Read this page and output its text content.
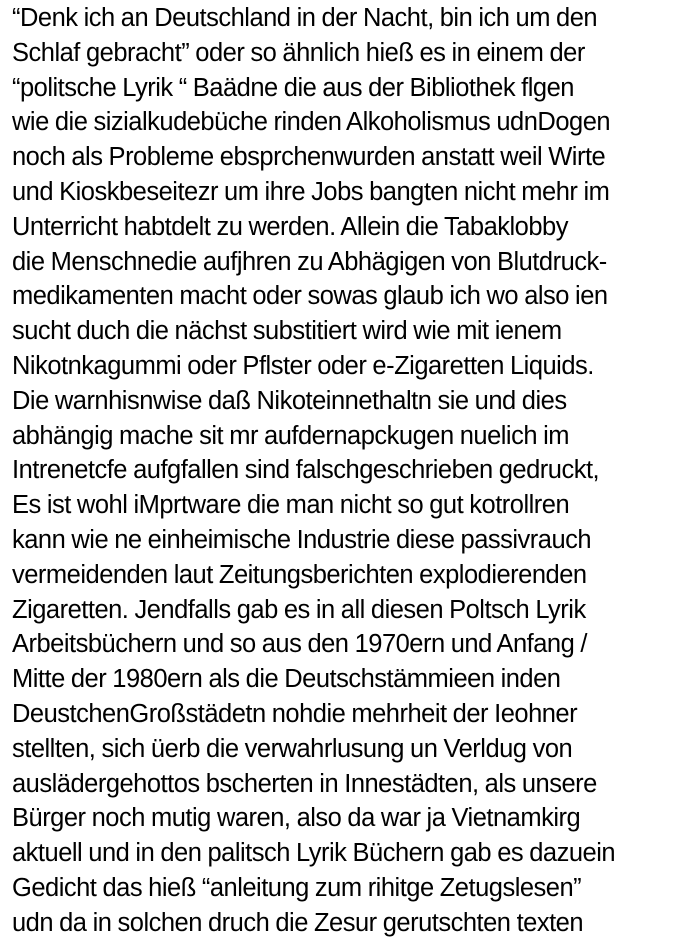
“Denk ich an Deutschland in der Nacht, bin ich um den
Schlaf gebracht” oder so ähnlich hieß es in einem der
“politsche Lyrik “ Baädne die aus der Bibliothek flgen
wie die sizialkudebüche rinden Alkoholismus udnDogen
noch als Probleme ebsprchenwurden anstatt weil Wirte
und Kioskbeseitezr um ihre Jobs bangten nicht mehr im
Unterricht habtdelt zu werden. Allein die Tabaklobby
die Menschnedie aufjhren zu Abhägigen von Blutdruck-
medikamenten macht oder sowas glaub ich wo also ien
sucht duch die nächst substitiert wird wie mit ienem
Nikotnkagummi oder Pflster oder e-Zigaretten Liquids.
Die warnhisnwise daß Nikoteinnethaltn sie und dies
abhängig mache sit mr aufdernapckugen nuelich im
Intrenetcfe aufgfallen sind falschgeschrieben gedruckt,
Es ist wohl iMprtware die man nicht so gut kotrollren
kann wie ne einheimische Industrie diese passivrauch
vermeidenden laut Zeitungsberichten explodierenden
Zigaretten. Jendfalls gab es in all diesen Poltsch Lyrik
Arbeitsbüchern und so aus den 1970ern und Anfang /
Mitte der 1980ern als die Deutschstämmieen inden
DeustchenGroßstädetn nohdie mehrheit der Ieohner
stellten, sich üerb die verwahrlusung un Verldug von
auslädergehottos bscherten in Innestädten, als unsere
Bürger noch mutig waren, also da war ja Vietnamkirg
aktuell und in den palitsch Lyrik Büchern gab es dazuein
Gedicht das hieß “anleitung zum rihitge Zetugslesen”
udn da in solchen druch die Zesur gerutschten texten
